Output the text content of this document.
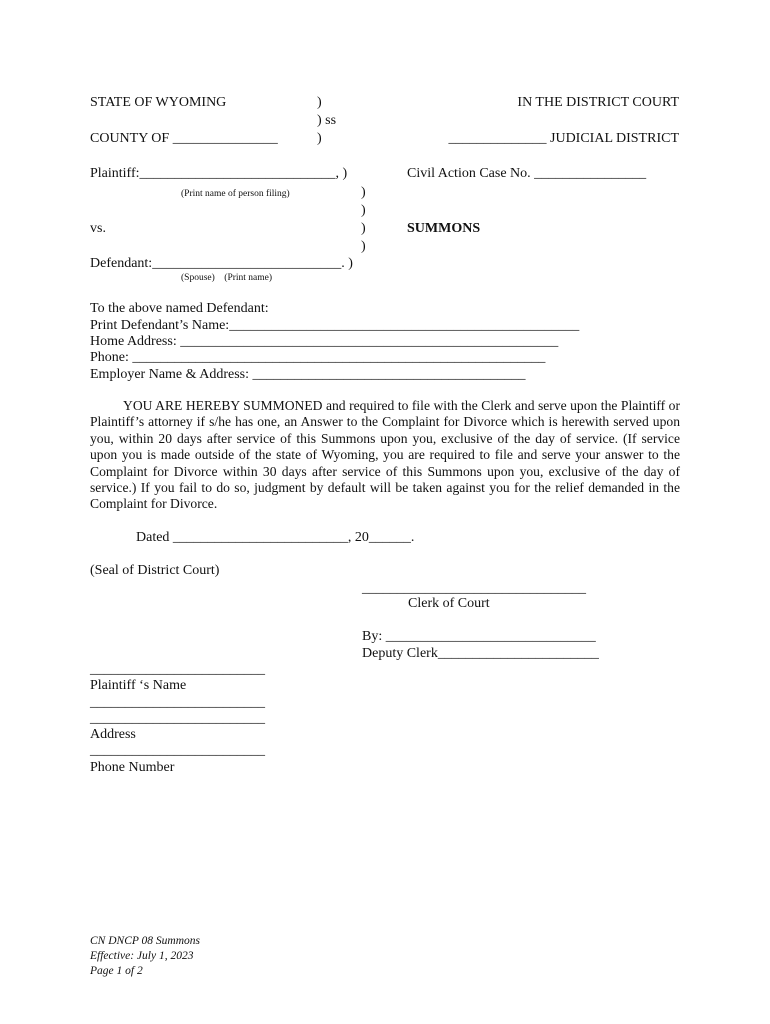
STATE OF WYOMING
COUNTY OF _______________
)
) ss
)
IN THE DISTRICT COURT
______________ JUDICIAL DISTRICT
Plaintiff:____________________________, )
(Print name of person filing)	)
)
vs.	)
)
Defendant:___________________________. )
(Spouse)    (Print name)
Civil Action Case No. ________________
SUMMONS
To the above named Defendant:
Print Defendant’s Name:__________________________________________________
Home Address: ______________________________________________________
Phone: ___________________________________________________________
Employer Name & Address: _______________________________________
YOU ARE HEREBY SUMMONED and required to file with the Clerk and serve upon the Plaintiff or Plaintiff’s attorney if s/he has one, an Answer to the Complaint for Divorce which is herewith served upon you, within 20 days after service of this Summons upon you, exclusive of the day of service. (If service upon you is made outside of the state of Wyoming, you are required to file and serve your answer to the Complaint for Divorce within 30 days after service of this Summons upon you, exclusive of the day of service.) If you fail to do so, judgment by default will be taken against you for the relief demanded in the Complaint for Divorce.
Dated _________________________, 20______.
(Seal of District Court)
________________________________
Clerk of Court
By: ______________________________
Deputy Clerk_______________________
_________________________
Plaintiff ‘s Name
_________________________
_________________________
Address
_________________________
Phone Number
CN DNCP 08 Summons
Effective: July 1, 2023
Page 1 of 2
